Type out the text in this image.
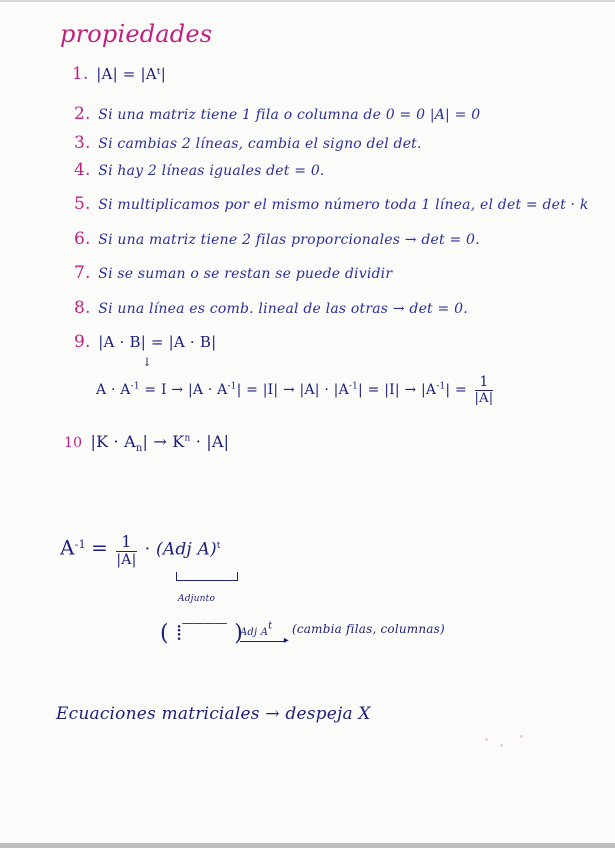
propiedades
1. |A| = |Aᵗ|
2. Si una matriz tiene 1 fila o columna de 0 = 0 |A| = 0
3. Si cambias 2 líneas, cambia el signo del det.
4. Si hay 2 líneas iguales det = 0.
5. Si multiplicamos por el mismo número toda 1 línea, el det = det · k
6. Si una matriz tiene 2 filas proporcionales → det = 0.
7. Si se suman o se restan se puede dividir
8. Si una línea es comb. lineal de las otras → det = 0.
9. |A · B| = |A · B|
↓
$A \cdot A^{-1} = I \to |A \cdot A^{-1}| = |I| \to |A| \cdot |A^{-1}| = |I| \to |A^{-1}| = \frac{1}{|A|}$
10 $|K \cdot A_n| \to K^n \cdot |A|$
$A^{-1} = \frac{1}{|A|} \cdot (Adj$ A)$^t$
Adjunto
( ⁞‾‾‾‾ )
Adj $A^t$
▸
(cambia filas, columnas)
Ecuaciones matriciales → despeja X
